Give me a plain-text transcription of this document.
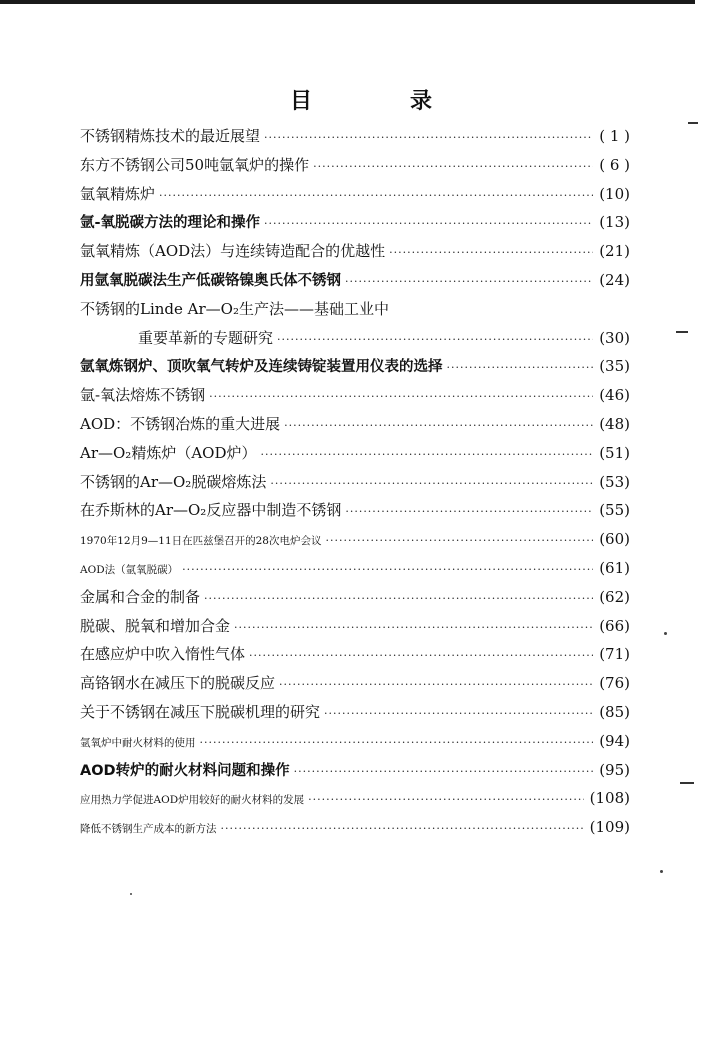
目	录
不锈钢精炼技术的最近展望 ·····	( 1 )
东方不锈钢公司50吨氩氧炉的操作 ·····	( 6 )
氩氧精炼炉 ·····	(10)
氩-氧脱碳方法的理论和操作 ·····	(13)
氩氧精炼（AOD法）与连续铸造配合的优越性 ·····	(21)
用氩氧脱碳法生产低碳铬镍奥氏体不锈钢 ·····	(24)
不锈钢的Linde Ar—O₂生产法——基础工业中
重要革新的专题研究 ·····	(30)
氩氧炼钢炉、顶吹氧气转炉及连续铸锭装置用仪表的选择 ·····	(35)
氩-氧法熔炼不锈钢 ·····	(46)
AOD：不锈钢冶炼的重大进展 ·····	(48)
Ar—O₂精炼炉（AOD炉） ·····	(51)
不锈钢的Ar—O₂脱碳熔炼法 ·····	(53)
在乔斯林的Ar—O₂反应器中制造不锈钢 ·····	(55)
1970年12月9—11日在匹兹堡召开的28次电炉会议 ·····	(60)
AOD法（氩氧脱碳） ·····	(61)
金属和合金的制备 ·····	(62)
脱碳、脱氧和增加合金 ·····	(66)
在感应炉中吹入惰性气体 ·····	(71)
高铬钢水在减压下的脱碳反应 ·····	(76)
关于不锈钢在减压下脱碳机理的研究 ·····	(85)
氩氧炉中耐火材料的使用 ·····	(94)
AOD转炉的耐火材料问题和操作 ·····	(95)
应用热力学促进AOD炉用较好的耐火材料的发展 ·····	(108)
降低不锈钢生产成本的新方法 ·····	(109)
